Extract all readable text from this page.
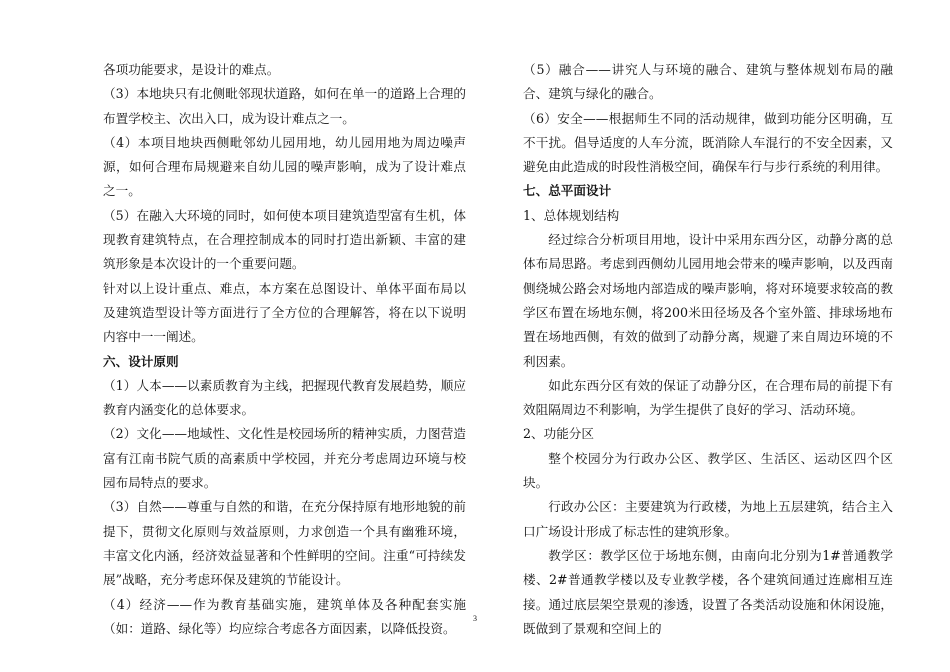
各项功能要求，是设计的难点。

（3）本地块只有北侧毗邻现状道路，如何在单一的道路上合理的布置学校主、次出入口，成为设计难点之一。

（4）本项目地块西侧毗邻幼儿园用地，幼儿园用地为周边噪声源，如何合理布局规避来自幼儿园的噪声影响，成为了设计难点之一。

（5）在融入大环境的同时，如何使本项目建筑造型富有生机，体现教育建筑特点，在合理控制成本的同时打造出新颖、丰富的建筑形象是本次设计的一个重要问题。

针对以上设计重点、难点，本方案在总图设计、单体平面布局以及建筑造型设计等方面进行了全方位的合理解答，将在以下说明内容中一一阐述。

六、设计原则

（1）人本——以素质教育为主线，把握现代教育发展趋势，顺应教育内涵变化的总体要求。

（2）文化——地域性、文化性是校园场所的精神实质，力图营造富有江南书院气质的高素质中学校园，并充分考虑周边环境与校园布局特点的要求。

（3）自然——尊重与自然的和谐，在充分保持原有地形地貌的前提下，贯彻文化原则与效益原则，力求创造一个具有幽雅环境，丰富文化内涵，经济效益显著和个性鲜明的空间。注重“可持续发展”战略，充分考虑环保及建筑的节能设计。

（4）经济——作为教育基础实施，建筑单体及各种配套实施（如：道路、绿化等）均应综合考虑各方面因素，以降低投资。

（5）融合——讲究人与环境的融合、建筑与整体规划布局的融合、建筑与绿化的融合。

（6）安全——根据师生不同的活动规律，做到功能分区明确，互不干扰。倡导适度的人车分流，既消除人车混行的不安全因素，又避免由此造成的时段性消极空间，确保车行与步行系统的利用律。

七、总平面设计

1、总体规划结构

经过综合分析项目用地，设计中采用东西分区，动静分离的总体布局思路。考虑到西侧幼儿园用地会带来的噪声影响，以及西南侧绕城公路会对场地内部造成的噪声影响，将对环境要求较高的教学区布置在场地东侧，将200米田径场及各个室外篮、排球场地布置在场地西侧，有效的做到了动静分离，规避了来自周边环境的不利因素。

如此东西分区有效的保证了动静分区，在合理布局的前提下有效阻隔周边不利影响，为学生提供了良好的学习、活动环境。

2、功能分区

整个校园分为行政办公区、教学区、生活区、运动区四个区块。

行政办公区：主要建筑为行政楼，为地上五层建筑，结合主入口广场设计形成了标志性的建筑形象。

教学区：教学区位于场地东侧，由南向北分别为1#普通教学楼、2#普通教学楼以及专业教学楼，各个建筑间通过连廊相互连接。通过底层架空景观的渗透，设置了各类活动设施和休闲设施，既做到了景观和空间上的

3
